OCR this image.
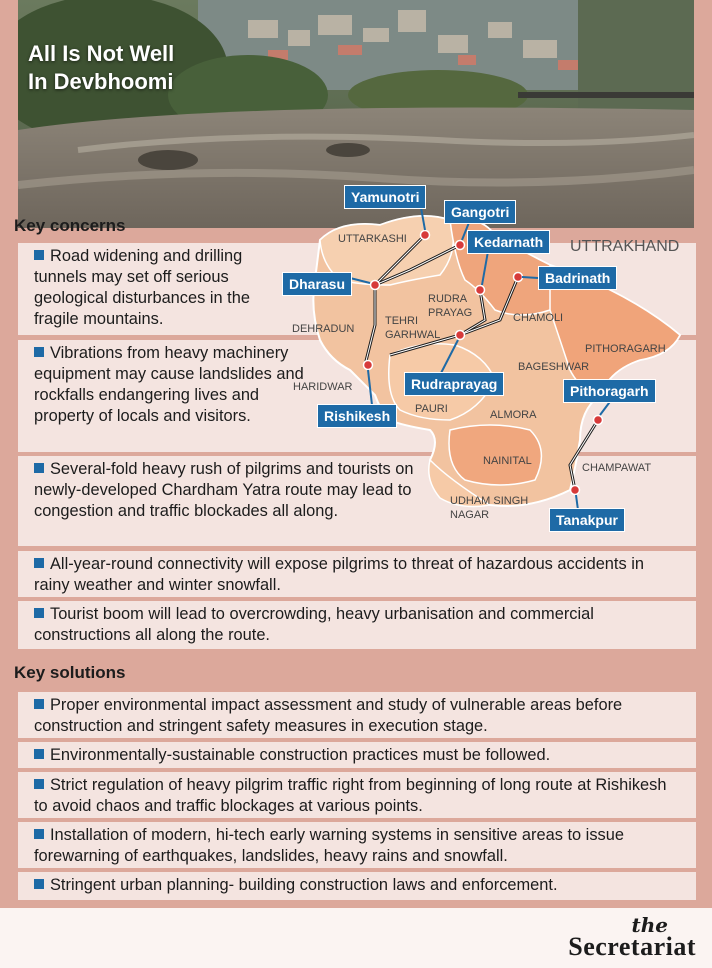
All Is Not Well
In Devbhoomi
Key concerns
Road widening and drilling tunnels may set off serious geological disturbances in the fragile mountains.
Vibrations from heavy machinery equipment may cause landslides and rockfalls endangering lives and property of locals and visitors.
Several-fold heavy rush of pilgrims and tourists on newly-developed Chardham Yatra route may lead to congestion and traffic blockades all along.
All-year-round connectivity will expose pilgrims to threat of hazardous accidents in rainy weather and winter snowfall.
Tourist boom will lead to overcrowding, heavy urbanisation and commercial constructions all along the route.
Key solutions
Proper environmental impact assessment and study of vulnerable areas before construction and stringent safety measures in execution stage.
Environmentally-sustainable construction practices must be followed.
Strict regulation of heavy pilgrim traffic right from beginning of long route at Rishikesh to avoid chaos and traffic blockages at various points.
Installation of modern, hi-tech early warning systems in sensitive areas to issue forewarning of earthquakes, landslides, heavy rains and snowfall.
Stringent urban planning- building construction laws and enforcement.
UTTRAKHAND
UTTARKASHI
DEHRADUN
TEHRI
GARHWAL
RUDRA
PRAYAG	CHAMOLI
PITHORAGARH
BAGESHWAR
HARIDWAR
PAURI	ALMORA
NAINITAL
CHAMPAWAT
UDHAM SINGH
NAGAR
Yamunotri
Gangotri
Kedarnath
Badrinath
Dharasu
Rudraprayag
Rishikesh
Pithoragarh
Tanakpur
the
Secretariat
